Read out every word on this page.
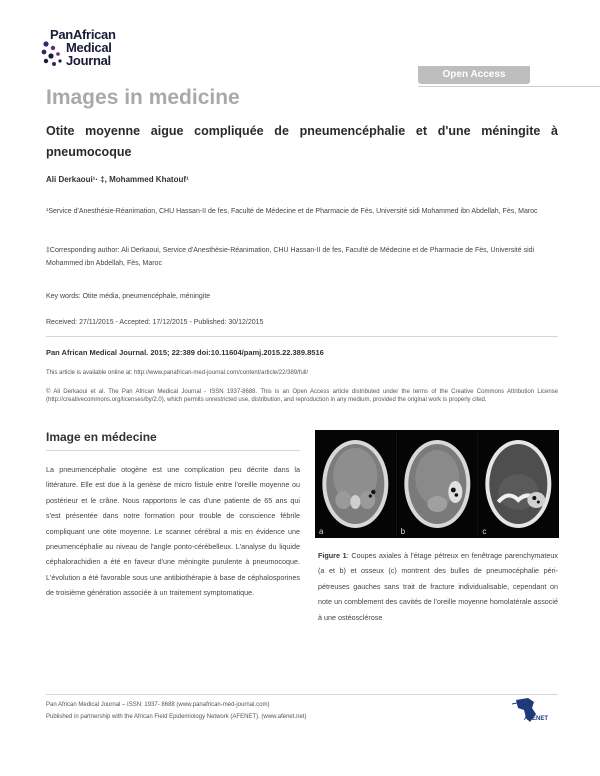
PanAfrican
Medical
Journal
Open Access
Images in medicine
Otite moyenne aigue compliquée de pneumencéphalie et d'une méningite à pneumocoque
Ali Derkaoui¹· ‡, Mohammed Khatouf¹
¹Service d'Anesthésie-Réanimation, CHU Hassan-II de fes, Faculté de Médecine et de Pharmacie de Fès, Université sidi Mohammed ibn Abdellah, Fès, Maroc
‡Corresponding author: Ali Derkaoui, Service d'Anesthésie-Réanimation, CHU Hassan-II de fes, Faculté de Médecine et de Pharmacie de Fès, Université sidi Mohammed ibn Abdellah, Fès, Maroc
Key words: Otite média, pneumencéphale, méningite
Received: 27/11/2015 - Accepted: 17/12/2015 - Published: 30/12/2015
Pan African Medical Journal. 2015; 22:389 doi:10.11604/pamj.2015.22.389.8516
This article is available online at: http://www.panafrican-med-journal.com/content/article/22/389/full/
© Ali Derkaoui et al. The Pan African Medical Journal - ISSN 1937-8688. This is an Open Access article distributed under the terms of the Creative Commons Attribution License (http://creativecommons.org/licenses/by/2.0), which permits unrestricted use, distribution, and reproduction in any medium, provided the original work is properly cited.
Image en médecine
La pneumencéphalie otogène est une complication peu décrite dans la littérature. Elle est due à la genèse de micro fistule entre l'oreille moyenne ou postérieur et le crâne. Nous rapportons le cas d'une patiente de 65 ans qui s'est présentée dans notre formation pour trouble de conscience fébrile compliquant une otite moyenne. Le scanner cérébral a mis en évidence une pneumencéphalie au niveau de l'angle ponto-cérébelleux. L'analyse du liquide céphalorachidien a été en faveur d'une méningite purulente à pneumocoque. L'évolution a été favorable sous une antibiothérapie à base de céphalosporines de troisième génération associée à un traitement symptomatique.
a	b	c
Figure 1: Coupes axiales à l'étage pétreux en fenêtrage parenchymateux (a et b) et osseux (c) montrent des bulles de pneumocéphalie péri-pétreuses gauches sans trait de fracture individualisable, cependant on note un comblement des cavités de l'oreille moyenne homolatérale associé à une ostéosclérose
Pan African Medical Journal – ISSN: 1937- 8688 (www.panafrican-med-journal.com)
Published in partnership with the African Field Epidemiology Network (AFENET). (www.afenet.net)	AFENET
